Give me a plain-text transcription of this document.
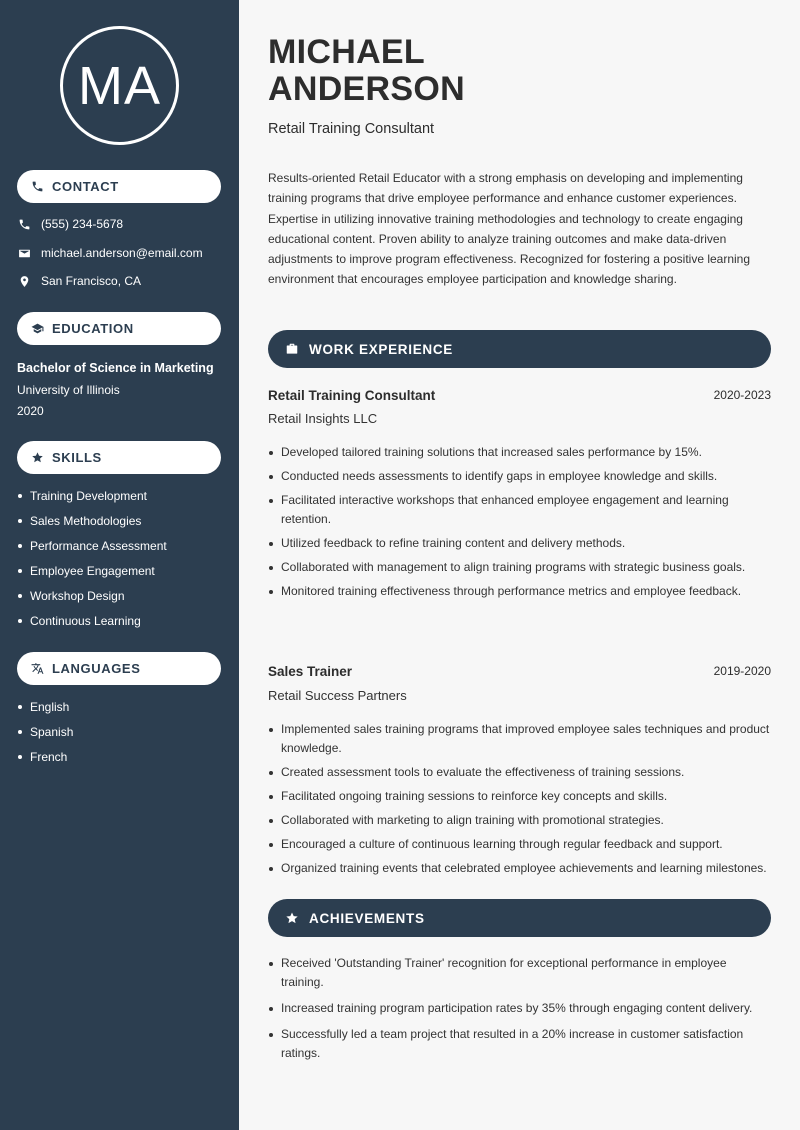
MA
CONTACT
(555) 234-5678
michael.anderson@email.com
San Francisco, CA
EDUCATION
Bachelor of Science in Marketing
University of Illinois
2020
SKILLS
Training Development
Sales Methodologies
Performance Assessment
Employee Engagement
Workshop Design
Continuous Learning
LANGUAGES
English
Spanish
French
MICHAEL
ANDERSON
Retail Training Consultant

Results-oriented Retail Educator with a strong emphasis on developing and implementing training programs that drive employee performance and enhance customer experiences. Expertise in utilizing innovative training methodologies and technology to create engaging educational content. Proven ability to analyze training outcomes and make data-driven adjustments to improve program effectiveness. Recognized for fostering a positive learning environment that encourages employee participation and knowledge sharing.

WORK EXPERIENCE
Retail Training Consultant	2020-2023
Retail Insights LLC
Developed tailored training solutions that increased sales performance by 15%.
Conducted needs assessments to identify gaps in employee knowledge and skills.
Facilitated interactive workshops that enhanced employee engagement and learning retention.
Utilized feedback to refine training content and delivery methods.
Collaborated with management to align training programs with strategic business goals.
Monitored training effectiveness through performance metrics and employee feedback.
Sales Trainer	2019-2020
Retail Success Partners
Implemented sales training programs that improved employee sales techniques and product knowledge.
Created assessment tools to evaluate the effectiveness of training sessions.
Facilitated ongoing training sessions to reinforce key concepts and skills.
Collaborated with marketing to align training with promotional strategies.
Encouraged a culture of continuous learning through regular feedback and support.
Organized training events that celebrated employee achievements and learning milestones.
ACHIEVEMENTS
Received 'Outstanding Trainer' recognition for exceptional performance in employee training.
Increased training program participation rates by 35% through engaging content delivery.
Successfully led a team project that resulted in a 20% increase in customer satisfaction ratings.
